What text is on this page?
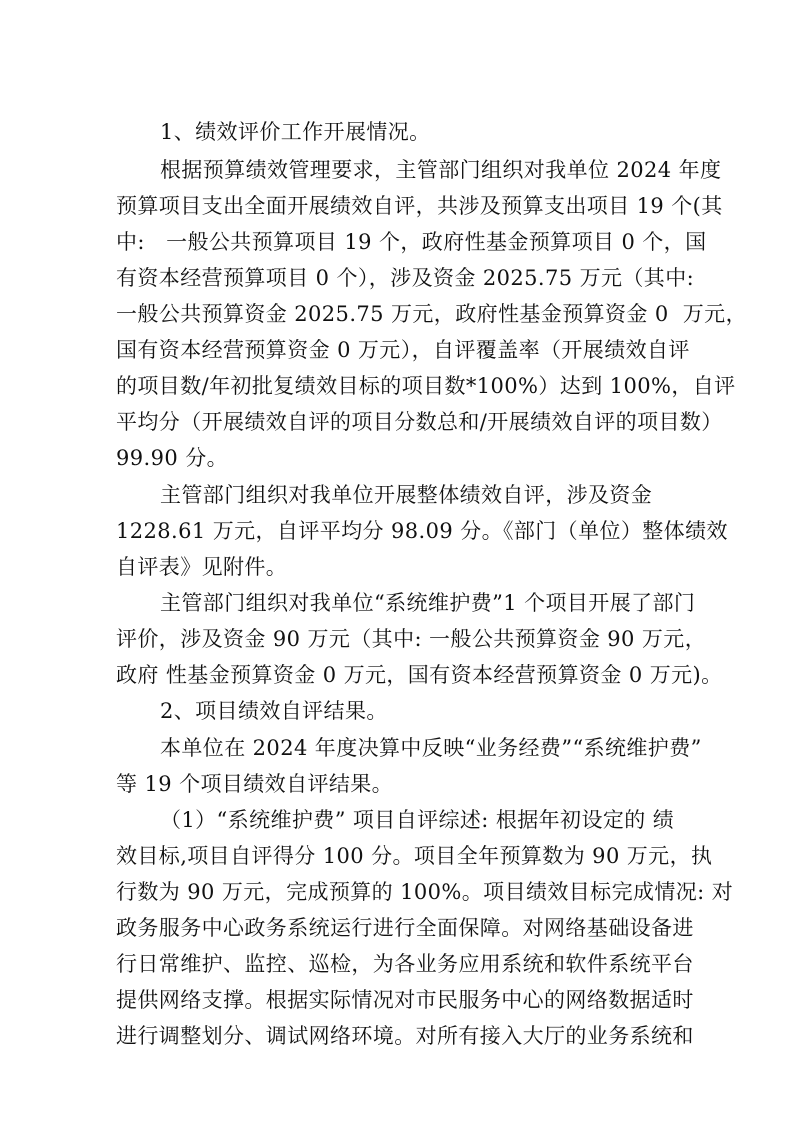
1、绩效评价工作开展情况。
根据预算绩效管理要求，主管部门组织对我单位 2024 年度
预算项目支出全面开展绩效自评，共涉及预算支出项目 19 个(其
中:   一般公共预算项目 19 个，政府性基金预算项目 0 个，国
有资本经营预算项目 0 个），涉及资金 2025.75 万元（其中:
一般公共预算资金 2025.75 万元，政府性基金预算资金 0  万元，
国有资本经营预算资金 0 万元），自评覆盖率（开展绩效自评
的项目数/年初批复绩效目标的项目数*100%）达到 100%，自评
平均分（开展绩效自评的项目分数总和/开展绩效自评的项目数）
99.90 分。
主管部门组织对我单位开展整体绩效自评，涉及资金
1228.61 万元，自评平均分 98.09 分。《部门（单位）整体绩效
自评表》见附件。
主管部门组织对我单位“系统维护费”1 个项目开展了部门
评价，涉及资金 90 万元（其中: 一般公共预算资金 90 万元，
政府 性基金预算资金 0 万元，国有资本经营预算资金 0 万元)。
2、项目绩效自评结果。
本单位在 2024 年度决算中反映“业务经费”“系统维护费”
等 19 个项目绩效自评结果。
（1）“系统维护费” 项目自评综述: 根据年初设定的 绩
效目标,项目自评得分 100 分。项目全年预算数为 90 万元，执
行数为 90 万元，完成预算的 100%。项目绩效目标完成情况: 对
政务服务中心政务系统运行进行全面保障。对网络基础设备进
行日常维护、监控、巡检，为各业务应用系统和软件系统平台
提供网络支撑。根据实际情况对市民服务中心的网络数据适时
进行调整划分、调试网络环境。对所有接入大厅的业务系统和
